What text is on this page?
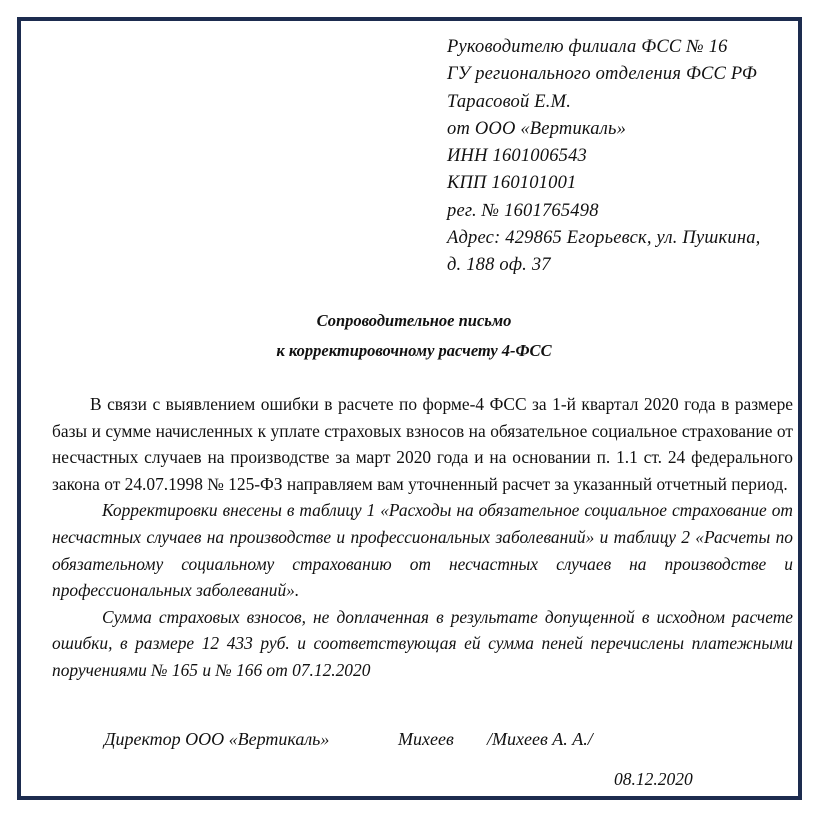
Руководителю филиала ФСС № 16
ГУ регионального отделения ФСС РФ
Тарасовой Е.М.
от ООО «Вертикаль»
ИНН 1601006543
КПП 160101001
рег. № 1601765498
Адрес: 429865 Егорьевск, ул. Пушкина,
д. 188 оф. 37
Сопроводительное письмо
к корректировочному расчету 4-ФСС

В связи с выявлением ошибки в расчете по форме-4 ФСС за 1-й квартал 2020 года в размере базы и сумме начисленных к уплате страховых взносов на обязательное социальное страхование от несчастных случаев на производстве за март 2020 года и на основании п. 1.1 ст. 24 федерального закона от 24.07.1998 № 125-ФЗ направляем вам уточненный расчет за указанный отчетный период.

Корректировки внесены в таблицу 1 «Расходы на обязательное социальное страхование от несчастных случаев на производстве и профессиональных заболеваний» и таблицу 2 «Расчеты по обязательному социальному страхованию от несчастных случаев на производстве и профессиональных заболеваний».

Сумма страховых взносов, не доплаченная в результате допущенной в исходном расчете ошибки, в размере 12 433 руб. и соответствующая ей сумма пеней перечислены платежными поручениями № 165 и № 166 от 07.12.2020

Директор ООО «Вертикаль»	Михеев /Михеев А. А./
08.12.2020
